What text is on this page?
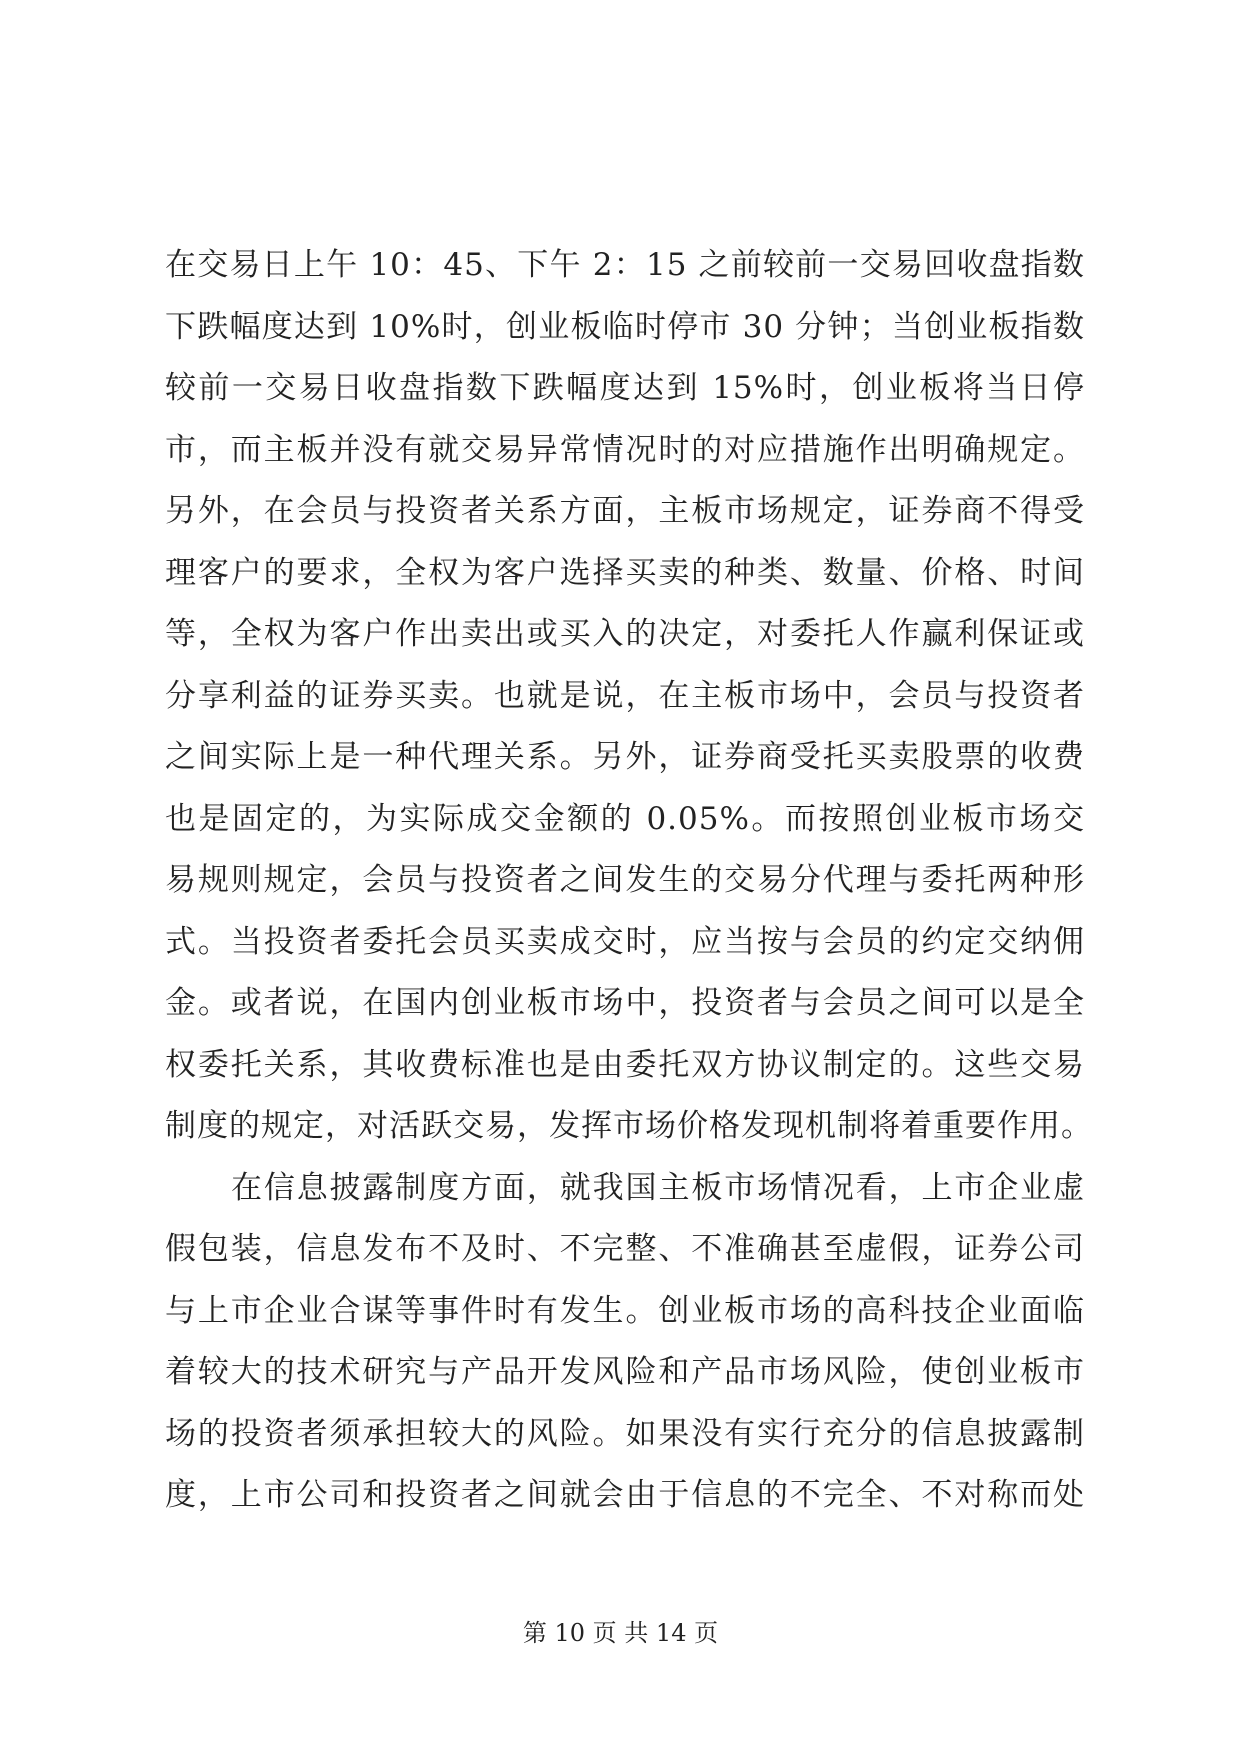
在交易日上午 10：45、下午 2：15 之前较前一交易回收盘指数
下跌幅度达到 10%时，创业板临时停市 30 分钟；当创业板指数
较前一交易日收盘指数下跌幅度达到 15%时，创业板将当日停
市，而主板并没有就交易异常情况时的对应措施作出明确规定。
另外，在会员与投资者关系方面，主板市场规定，证券商不得受
理客户的要求，全权为客户选择买卖的种类、数量、价格、时间
等，全权为客户作出卖出或买入的决定，对委托人作赢利保证或
分享利益的证券买卖。也就是说，在主板市场中，会员与投资者
之间实际上是一种代理关系。另外，证券商受托买卖股票的收费
也是固定的，为实际成交金额的 0.05%。而按照创业板市场交
易规则规定，会员与投资者之间发生的交易分代理与委托两种形
式。当投资者委托会员买卖成交时，应当按与会员的约定交纳佣
金。或者说，在国内创业板市场中，投资者与会员之间可以是全
权委托关系，其收费标准也是由委托双方协议制定的。这些交易
制度的规定，对活跃交易，发挥市场价格发现机制将着重要作用。
在信息披露制度方面，就我国主板市场情况看，上市企业虚
假包装，信息发布不及时、不完整、不准确甚至虚假，证券公司
与上市企业合谋等事件时有发生。创业板市场的高科技企业面临
着较大的技术研究与产品开发风险和产品市场风险，使创业板市
场的投资者须承担较大的风险。如果没有实行充分的信息披露制
度，上市公司和投资者之间就会由于信息的不完全、不对称而处
第 10 页 共 14 页
